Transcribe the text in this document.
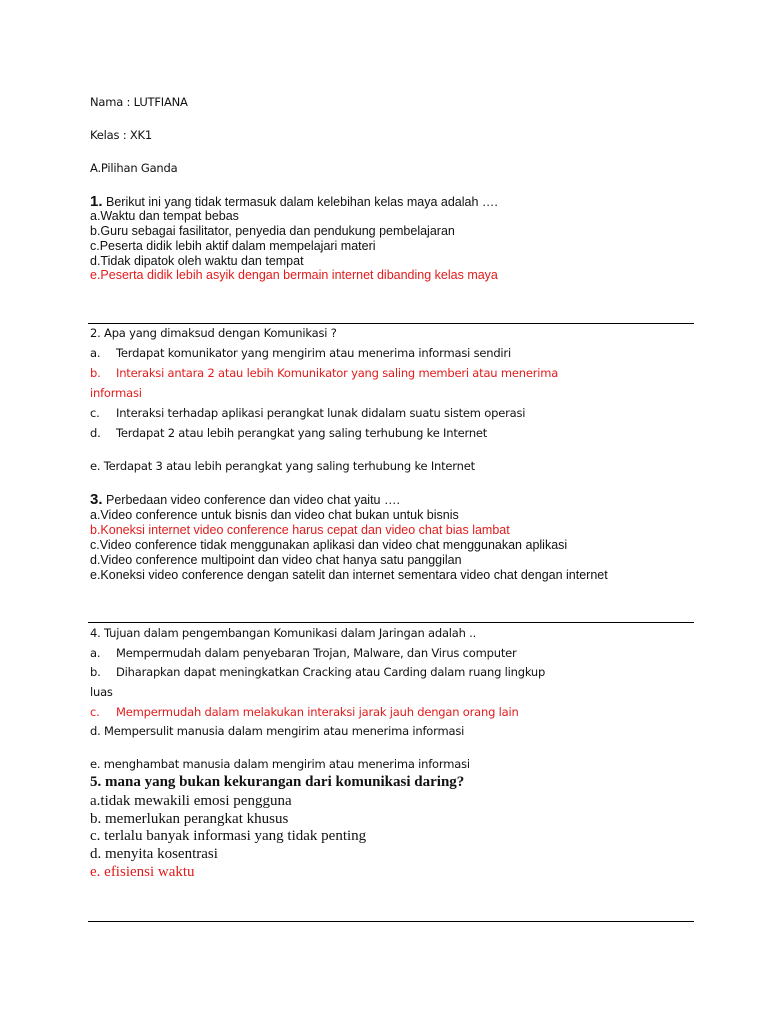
Nama : LUTFIANA
Kelas : XK1
A.Pilihan Ganda
1. Berikut ini yang tidak termasuk dalam kelebihan kelas maya adalah ….
a.Waktu dan tempat bebas
b.Guru sebagai fasilitator, penyedia dan pendukung pembelajaran
c.Peserta didik lebih aktif dalam mempelajari materi
d.Tidak dipatok oleh waktu dan tempat
e.Peserta didik lebih asyik dengan bermain internet dibanding kelas maya
2. Apa yang dimaksud dengan Komunikasi ?
a. Terdapat komunikator yang mengirim atau menerima informasi sendiri
b. Interaksi antara 2 atau lebih Komunikator yang saling memberi atau menerima
informasi
c. Interaksi terhadap aplikasi perangkat lunak didalam suatu sistem operasi
d. Terdapat 2 atau lebih perangkat yang saling terhubung ke Internet
e. Terdapat 3 atau lebih perangkat yang saling terhubung ke Internet
3. Perbedaan video conference dan video chat yaitu ….
a.Video conference untuk bisnis dan video chat bukan untuk bisnis
b.Koneksi internet video conference harus cepat dan video chat bias lambat
c.Video conference tidak menggunakan aplikasi dan video chat menggunakan aplikasi
d.Video conference multipoint dan video chat hanya satu panggilan
e.Koneksi video conference dengan satelit dan internet sementara video chat dengan internet
4. Tujuan dalam pengembangan Komunikasi dalam Jaringan adalah ..
a. Mempermudah dalam penyebaran Trojan, Malware, dan Virus computer
b. Diharapkan dapat meningkatkan Cracking atau Carding dalam ruang lingkup
luas
c. Mempermudah dalam melakukan interaksi jarak jauh dengan orang lain
d. Mempersulit manusia dalam mengirim atau menerima informasi
e. menghambat manusia dalam mengirim atau menerima informasi
5. mana yang bukan kekurangan dari komunikasi daring?
a.tidak mewakili emosi pengguna
b. memerlukan perangkat khusus
c. terlalu banyak informasi yang tidak penting
d. menyita kosentrasi
e. efisiensi waktu
